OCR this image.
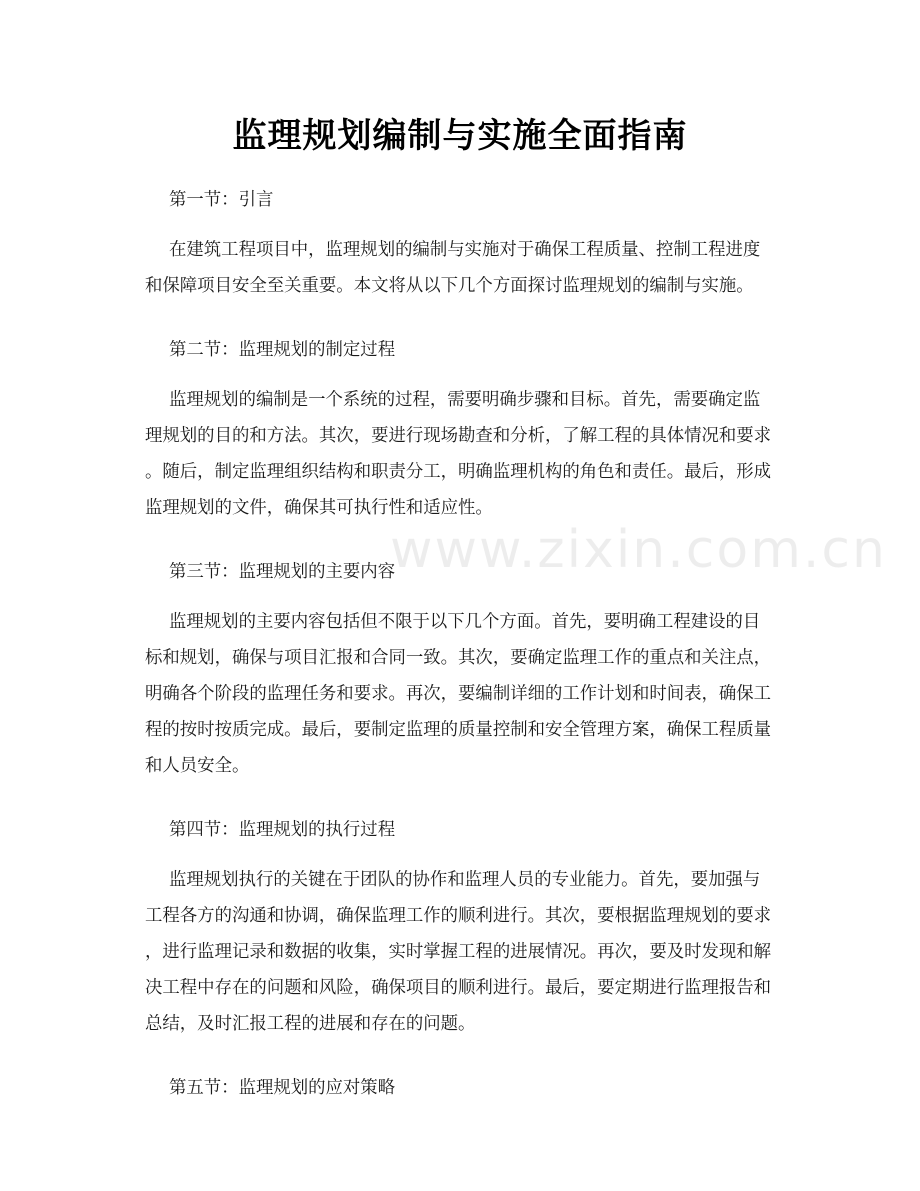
监理规划编制与实施全面指南
www.zixin.com.cn
第一节：引言
在建筑工程项目中，监理规划的编制与实施对于确保工程质量、控制工程进度
和保障项目安全至关重要。本文将从以下几个方面探讨监理规划的编制与实施。
第二节：监理规划的制定过程
监理规划的编制是一个系统的过程，需要明确步骤和目标。首先，需要确定监
理规划的目的和方法。其次，要进行现场勘查和分析，了解工程的具体情况和要求
。随后，制定监理组织结构和职责分工，明确监理机构的角色和责任。最后，形成
监理规划的文件，确保其可执行性和适应性。
第三节：监理规划的主要内容
监理规划的主要内容包括但不限于以下几个方面。首先，要明确工程建设的目
标和规划，确保与项目汇报和合同一致。其次，要确定监理工作的重点和关注点，
明确各个阶段的监理任务和要求。再次，要编制详细的工作计划和时间表，确保工
程的按时按质完成。最后，要制定监理的质量控制和安全管理方案，确保工程质量
和人员安全。
第四节：监理规划的执行过程
监理规划执行的关键在于团队的协作和监理人员的专业能力。首先，要加强与
工程各方的沟通和协调，确保监理工作的顺利进行。其次，要根据监理规划的要求
，进行监理记录和数据的收集，实时掌握工程的进展情况。再次，要及时发现和解
决工程中存在的问题和风险，确保项目的顺利进行。最后，要定期进行监理报告和
总结，及时汇报工程的进展和存在的问题。
第五节：监理规划的应对策略
